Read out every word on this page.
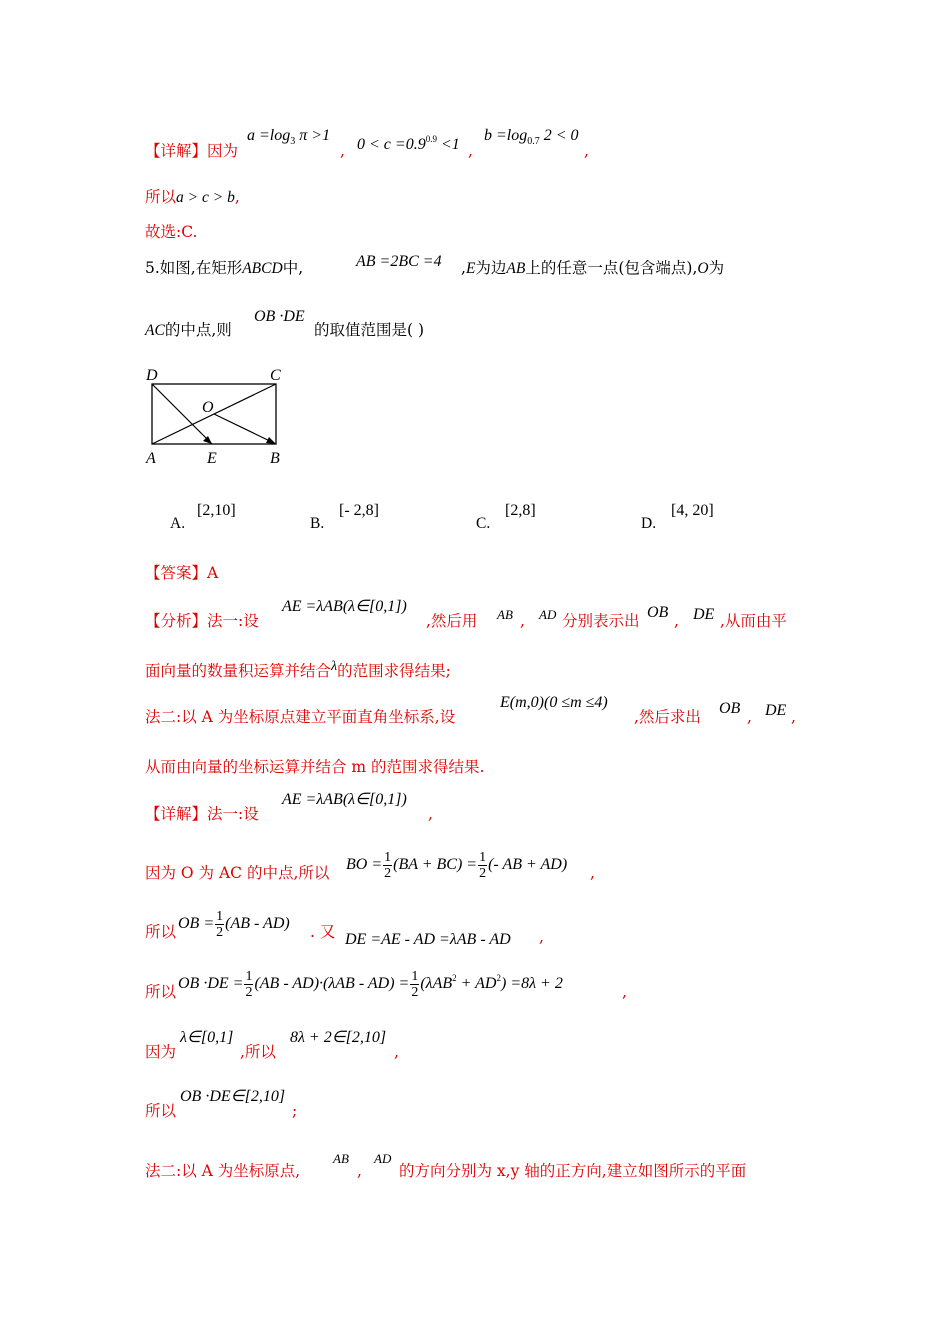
【详解】因为
$a =\log_3$ π >1
, $0 < c =0.9^{0.9} <1$ ,
$b =\log_{0.7}$ 2 < 0
,
所以a > c > b,
故选:C.
5.如图,在矩形ABCD中,	AB =2BC =4 ,E为边AB上的任意一点(包含端点),O为
AC的中点,则
OB ·DE
的取值范围是( )
D	C
O
A	E	B
A.
[2,10]
B.
[- 2,8]
C.
[2,8]
D.
[4, 20]
【答案】A
【分析】法一:设
AE =λAB(λ∈[0,1])
,然后用 AB , AD 分别表示出 OB , DE ,从而由平
面向量的数量积运算并结合λ的范围求得结果;
法二:以 A 为坐标原点建立平面直角坐标系,设
E(m,0)(0 ≤m ≤4)
,然后求出 OB , DE ,
从而由向量的坐标运算并结合 m 的范围求得结果.
【详解】法一:设
AE =λAB(λ∈[0,1])
,
因为 O 为 AC 的中点,所以 BO = $\frac{1}{2} (BA + BC) = \frac{1}{2}$ (- AB + AD) ,
所以 OB = $\frac{1}{2} (AB - AD)$ . 又 DE =AE - AD =λAB - AD ,
所以 OB $\cdot DE = \frac{1}{2} (AB - AD)\cdot(\lambda AB - AD) = \frac{1}{2} (\lambda AB^2 + AD^2) =8\lambda + 2$	,
因为
λ∈[0,1]
,所以
8λ + 2∈[2,10]
,
所以
OB ·DE∈[2,10]
;
法二:以 A 为坐标原点,
AB
,
AD
的方向分别为 x,y 轴的正方向,建立如图所示的平面
